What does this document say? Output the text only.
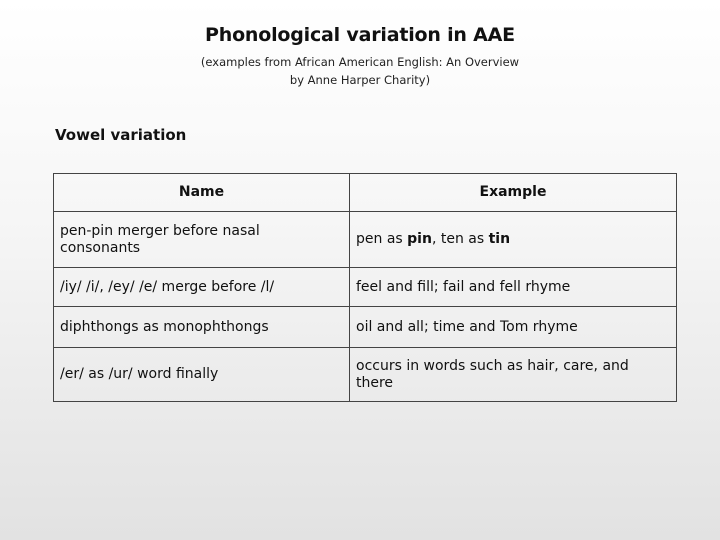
Phonological variation in AAE
(examples from African American English: An Overview
by Anne Harper Charity)
Vowel variation
Name	Example
pen-pin merger before nasal consonants	pen as pin, ten as tin
/iy/ /i/, /ey/ /e/ merge before /l/	feel and fill; fail and fell rhyme
diphthongs as monophthongs	oil and all; time and Tom rhyme
/er/ as /ur/ word finally	occurs in words such as hair, care, and there
